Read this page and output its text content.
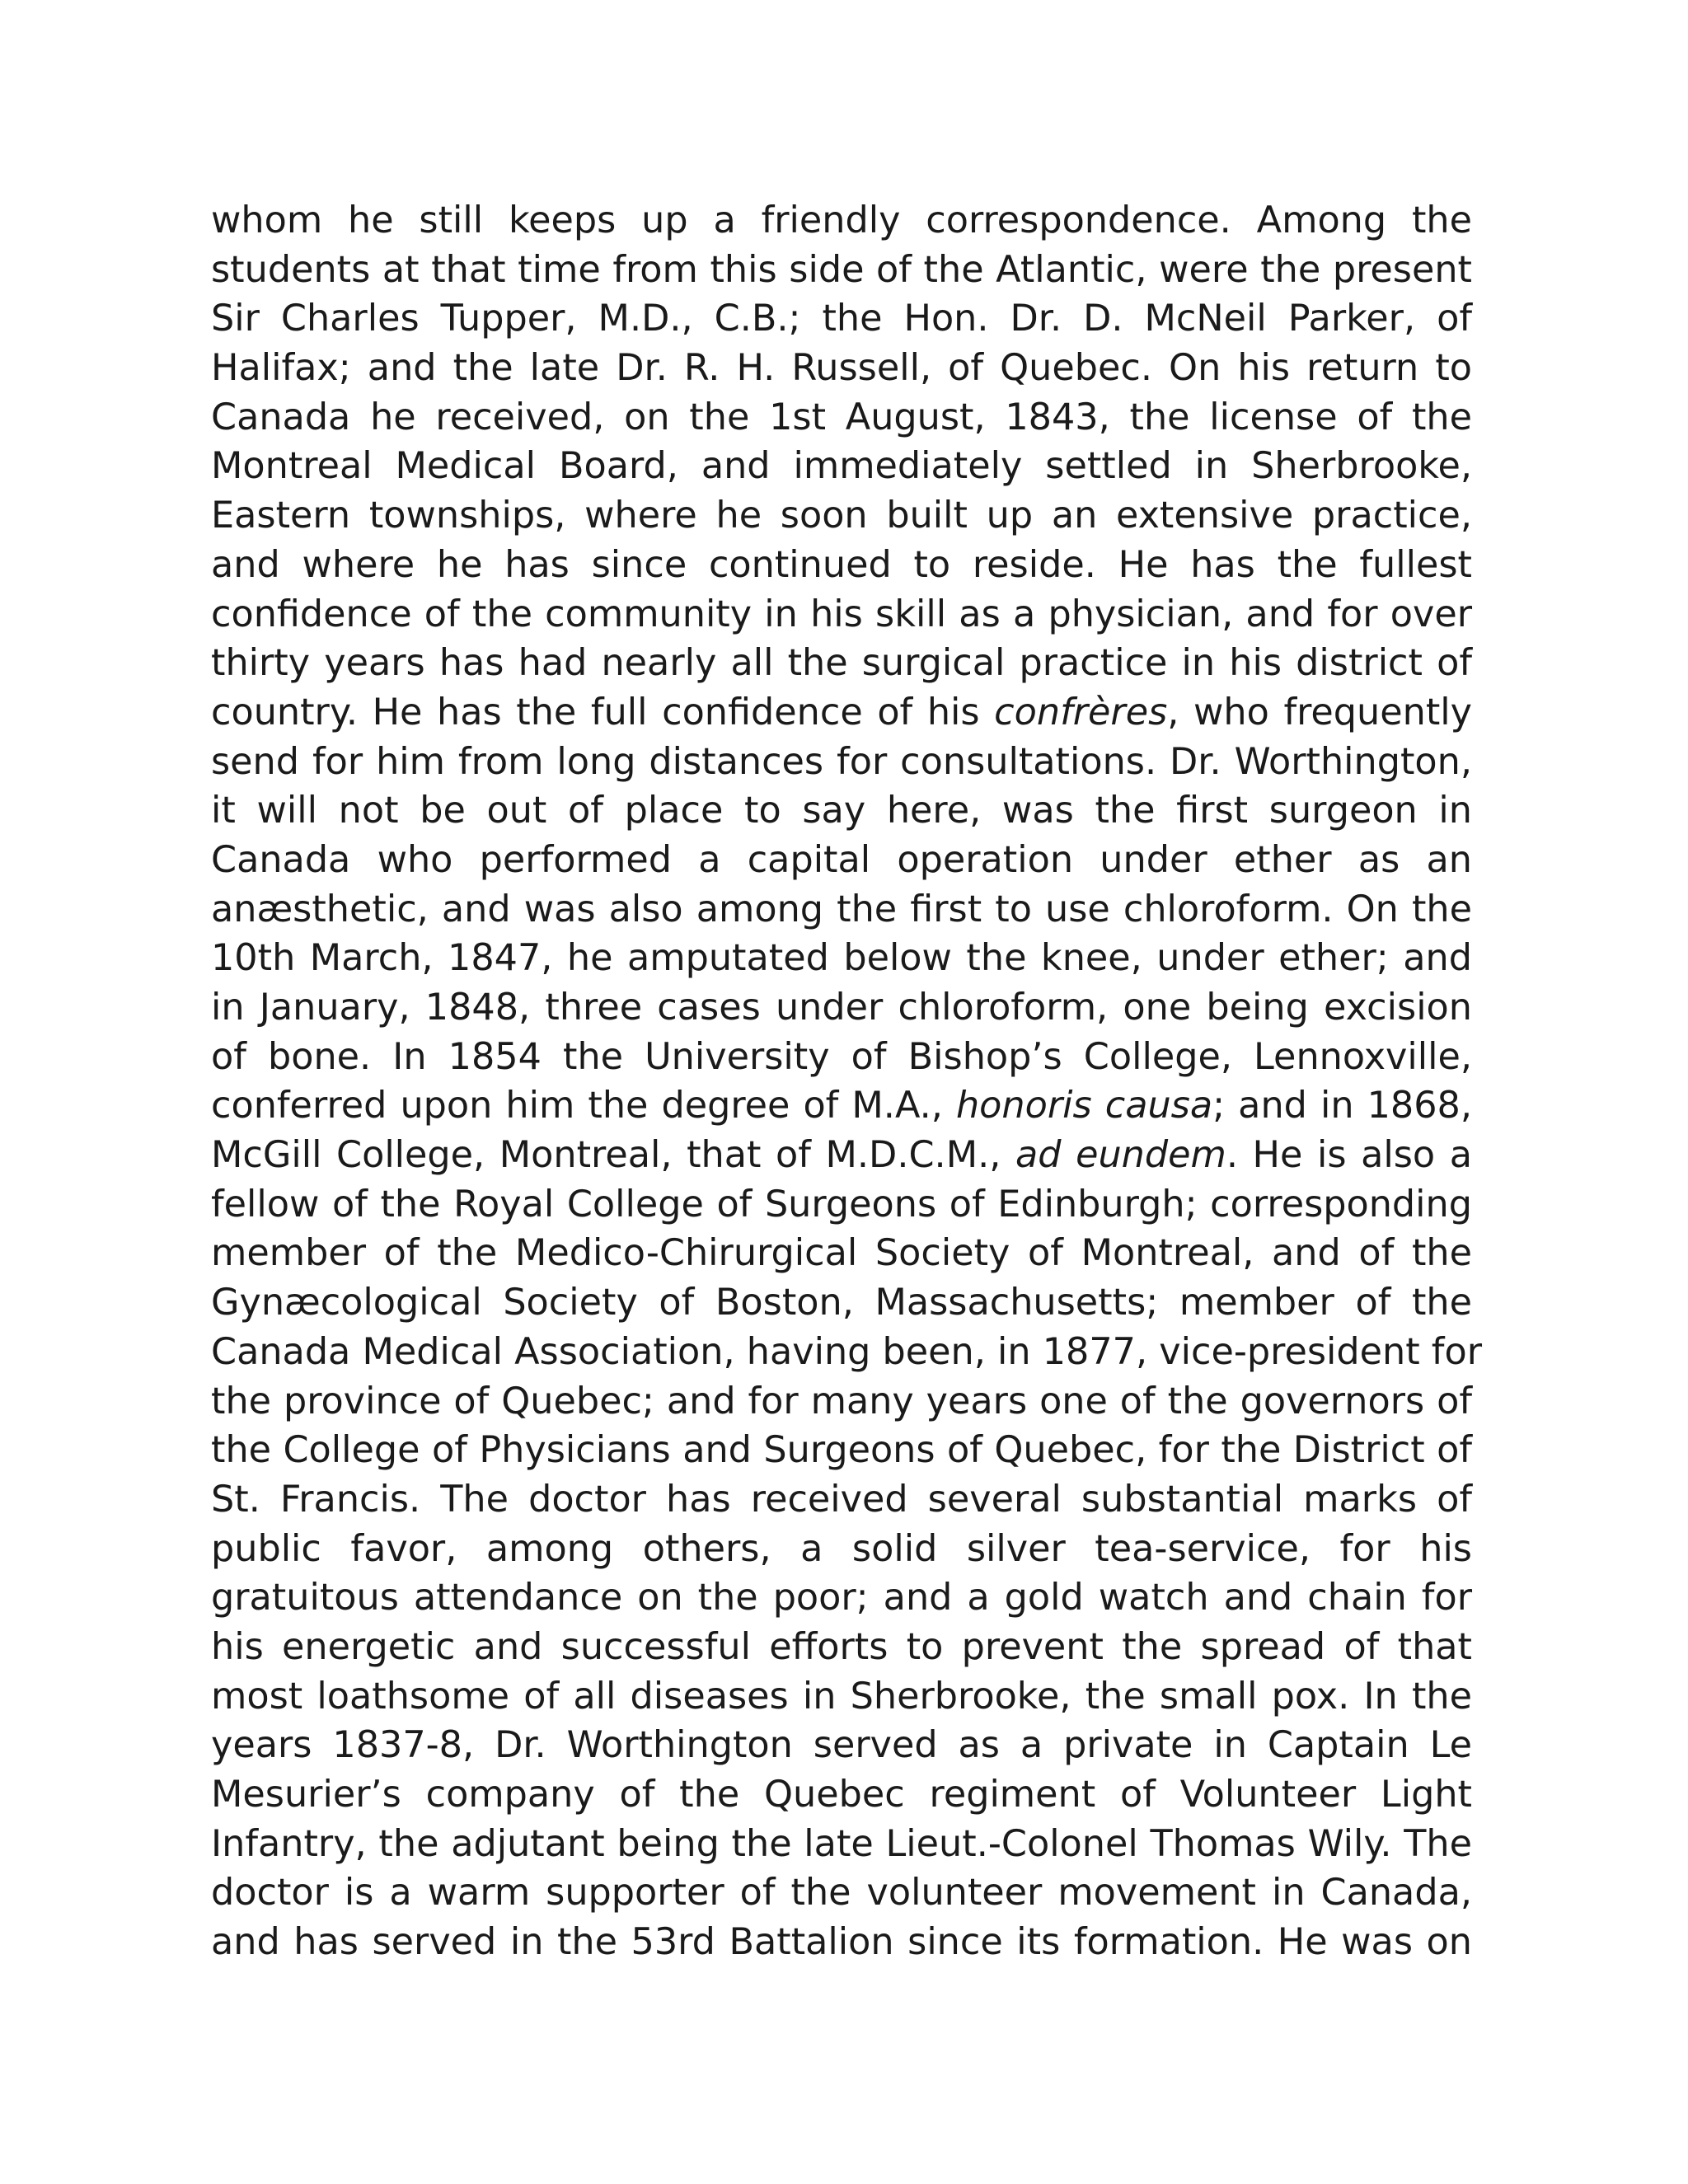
whom he still keeps up a friendly correspondence. Among the
students at that time from this side of the Atlantic, were the present
Sir Charles Tupper, M.D., C.B.; the Hon. Dr. D. McNeil Parker, of
Halifax; and the late Dr. R. H. Russell, of Quebec. On his return to
Canada he received, on the 1st August, 1843, the license of the
Montreal Medical Board, and immediately settled in Sherbrooke,
Eastern townships, where he soon built up an extensive practice,
and where he has since continued to reside. He has the fullest
confidence of the community in his skill as a physician, and for over
thirty years has had nearly all the surgical practice in his district of
country. He has the full confidence of his confrères, who frequently
send for him from long distances for consultations. Dr. Worthington,
it will not be out of place to say here, was the first surgeon in
Canada who performed a capital operation under ether as an
anæsthetic, and was also among the first to use chloroform. On the
10th March, 1847, he amputated below the knee, under ether; and
in January, 1848, three cases under chloroform, one being excision
of bone. In 1854 the University of Bishop’s College, Lennoxville,
conferred upon him the degree of M.A., honoris causa; and in 1868,
McGill College, Montreal, that of M.D.C.M., ad eundem. He is also a
fellow of the Royal College of Surgeons of Edinburgh; corresponding
member of the Medico-Chirurgical Society of Montreal, and of the
Gynæcological Society of Boston, Massachusetts; member of the
Canada Medical Association, having been, in 1877, vice-president for
the province of Quebec; and for many years one of the governors of
the College of Physicians and Surgeons of Quebec, for the District of
St. Francis. The doctor has received several substantial marks of
public favor, among others, a solid silver tea-service, for his
gratuitous attendance on the poor; and a gold watch and chain for
his energetic and successful efforts to prevent the spread of that
most loathsome of all diseases in Sherbrooke, the small pox. In the
years 1837-8, Dr. Worthington served as a private in Captain Le
Mesurier’s company of the Quebec regiment of Volunteer Light
Infantry, the adjutant being the late Lieut.-Colonel Thomas Wily. The
doctor is a warm supporter of the volunteer movement in Canada,
and has served in the 53rd Battalion since its formation. He was on
